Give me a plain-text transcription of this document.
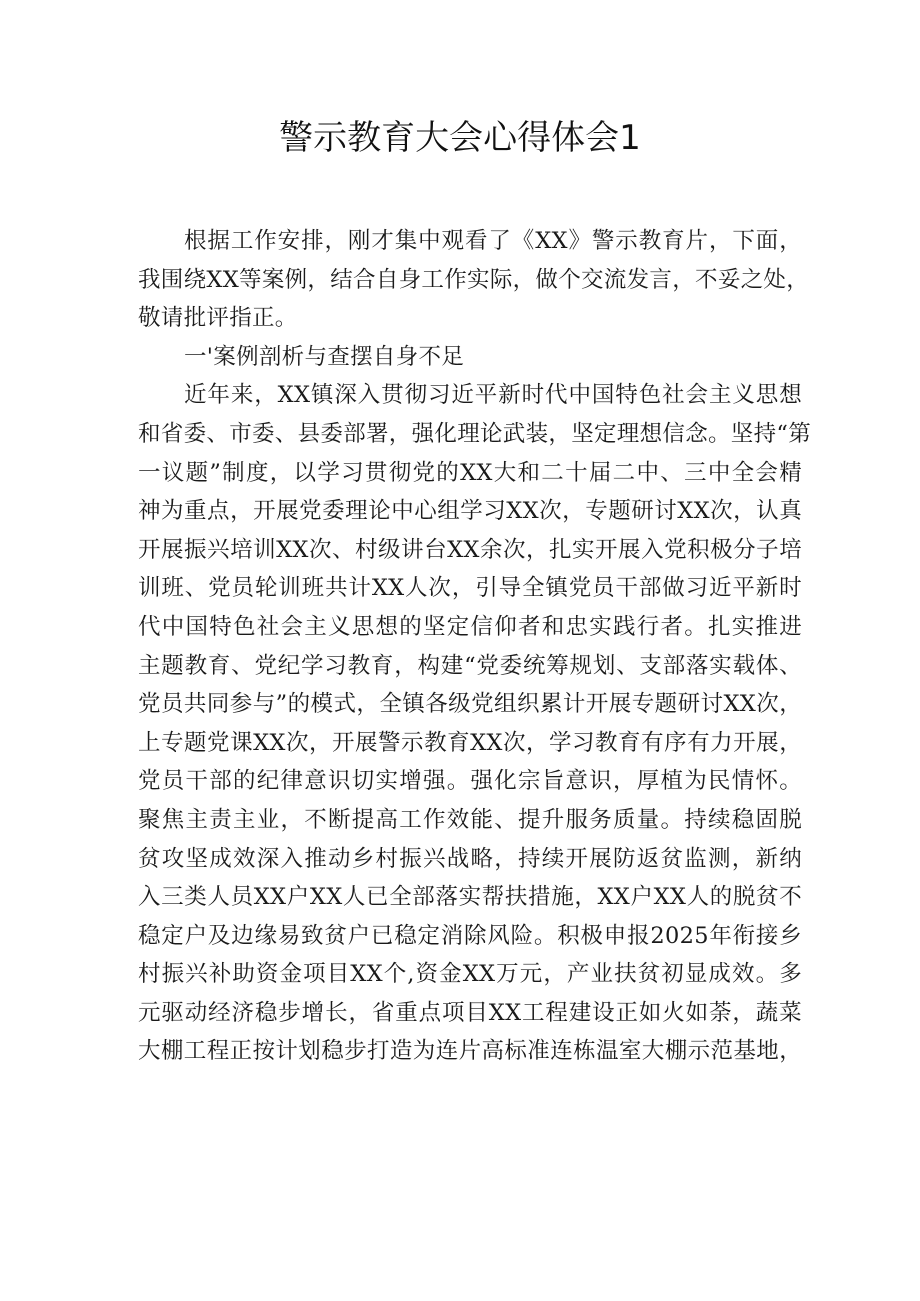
警示教育大会心得体会1
根据工作安排，刚才集中观看了《XX》警示教育片，下面，
我围绕XX等案例，结合自身工作实际，做个交流发言，不妥之处，
敬请批评指正。
一'案例剖析与查摆自身不足
近年来，XX镇深入贯彻习近平新时代中国特色社会主义思想
和省委、市委、县委部署，强化理论武装，坚定理想信念。坚持“第
一议题”制度，以学习贯彻党的XX大和二十届二中、三中全会精
神为重点，开展党委理论中心组学习XX次，专题研讨XX次，认真
开展振兴培训XX次、村级讲台XX余次，扎实开展入党积极分子培
训班、党员轮训班共计XX人次，引导全镇党员干部做习近平新时
代中国特色社会主义思想的坚定信仰者和忠实践行者。扎实推进
主题教育、党纪学习教育，构建“党委统筹规划、支部落实载体、
党员共同参与”的模式，全镇各级党组织累计开展专题研讨XX次，
上专题党课XX次，开展警示教育XX次，学习教育有序有力开展，
党员干部的纪律意识切实增强。强化宗旨意识，厚植为民情怀。
聚焦主责主业，不断提高工作效能、提升服务质量。持续稳固脱
贫攻坚成效深入推动乡村振兴战略，持续开展防返贫监测，新纳
入三类人员XX户XX人已全部落实帮扶措施，XX户XX人的脱贫不
稳定户及边缘易致贫户已稳定消除风险。积极申报2025年衔接乡
村振兴补助资金项目XX个,资金XX万元，产业扶贫初显成效。多
元驱动经济稳步增长，省重点项目XX工程建设正如火如荼，蔬菜
大棚工程正按计划稳步打造为连片高标准连栋温室大棚示范基地，
